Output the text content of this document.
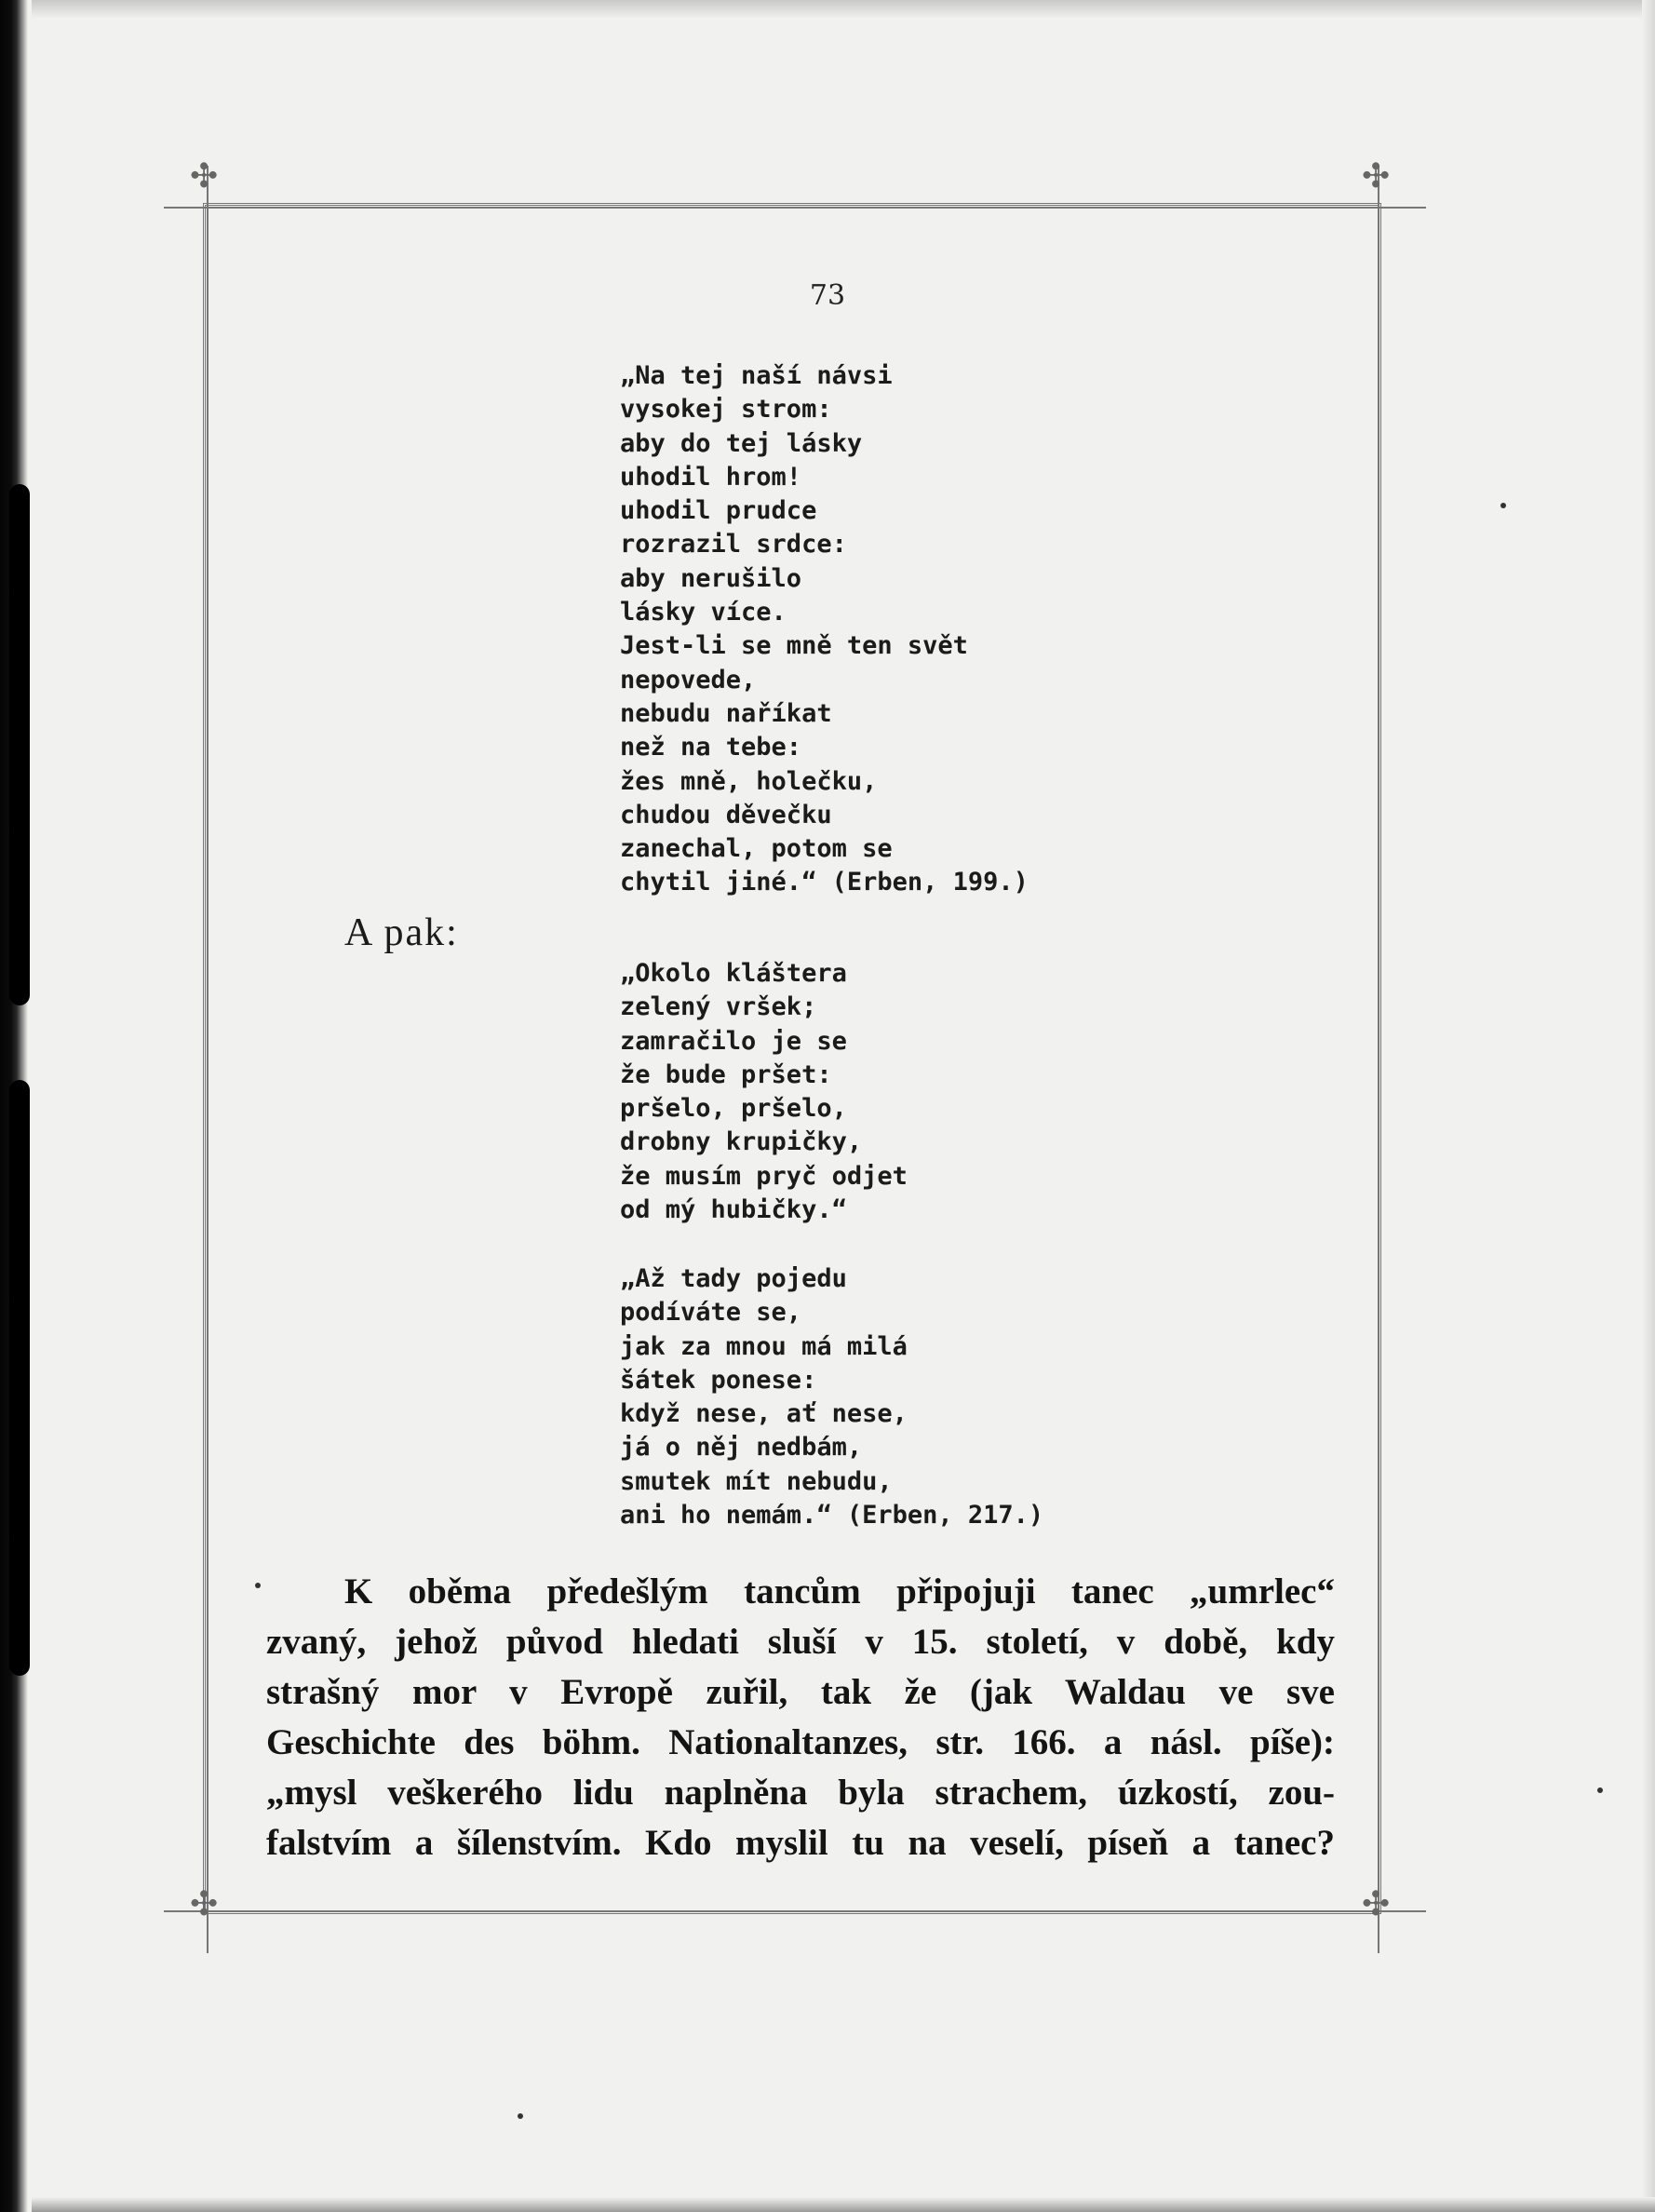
✣	✣
✣	✣
73
„Na tej naší návsi
vysokej strom:
aby do tej lásky
uhodil hrom!
uhodil prudce
rozrazil srdce:
aby nerušilo
lásky více.
Jest-li se mně ten svět
nepovede,
nebudu naříkat
než na tebe:
žes mně, holečku,
chudou děvečku
zanechal, potom se
chytil jiné.“ (Erben, 199.)
A pak:
„Okolo kláštera
zelený vršek;
zamračilo je se
že bude pršet:
pršelo, pršelo,
drobny krupičky,
že musím pryč odjet
od mý hubičky.“
„Až tady pojedu
podíváte se,
jak za mnou má milá
šátek ponese:
když nese, ať nese,
já o něj nedbám,
smutek mít nebudu,
ani ho nemám.“ (Erben, 217.)
K oběma předešlým tancům připojuji tanec „umrlec“
zvaný, jehož původ hledati sluší v 15. století, v době, kdy
strašný mor v Evropě zuřil, tak že (jak Waldau ve sve
Geschichte des böhm. Nationaltanzes, str. 166. a násl. píše):
„mysl veškerého lidu naplněna byla strachem, úzkostí, zou-
falstvím a šílenstvím. Kdo myslil tu na veselí, píseň a tanec?
